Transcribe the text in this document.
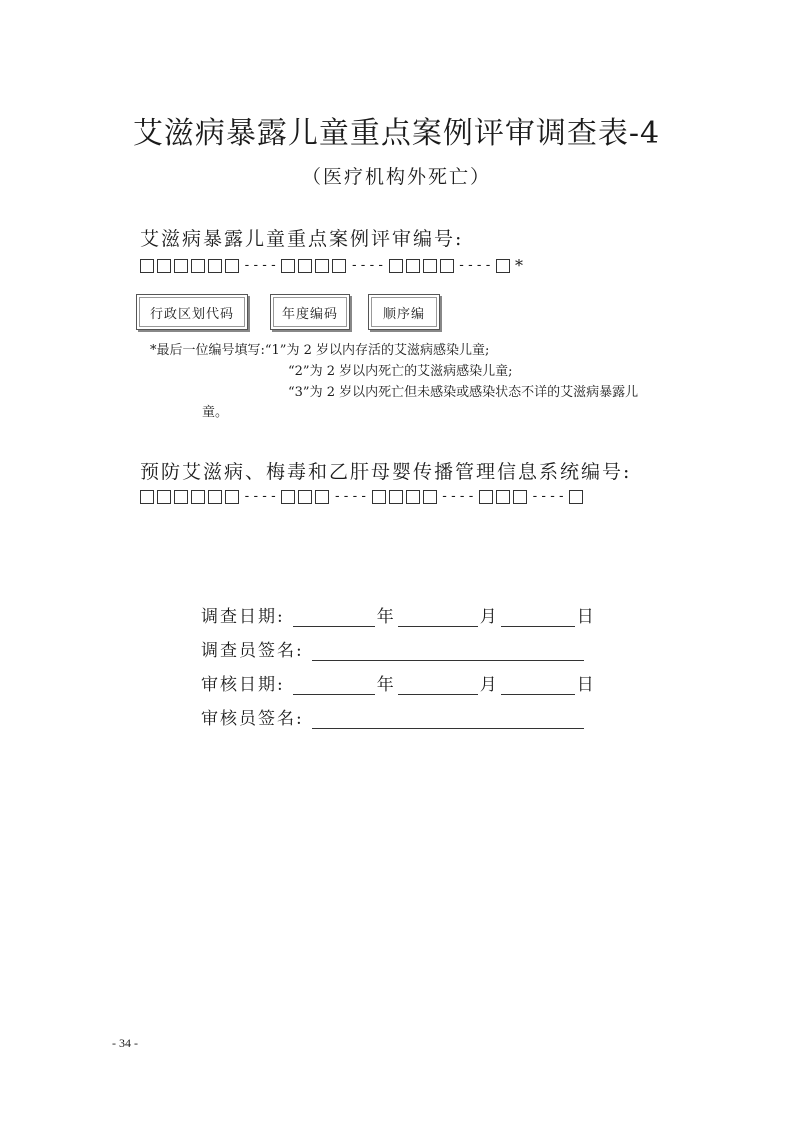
艾滋病暴露儿童重点案例评审调查表-4
（医疗机构外死亡）
艾滋病暴露儿童重点案例评审编号:
----	----	---- *
行政区划代码	年度编码	顺序编
*最后一位编号填写:“1”为 2 岁以内存活的艾滋病感染儿童;
“2”为 2 岁以内死亡的艾滋病感染儿童;
“3”为 2 岁以内死亡但未感染或感染状态不详的艾滋病暴露儿
童。
预防艾滋病、梅毒和乙肝母婴传播管理信息系统编号:
----	----	----	----
调查日期:	年	月	日
调查员签名:
审核日期:	年	月	日
审核员签名:
- 34 -
